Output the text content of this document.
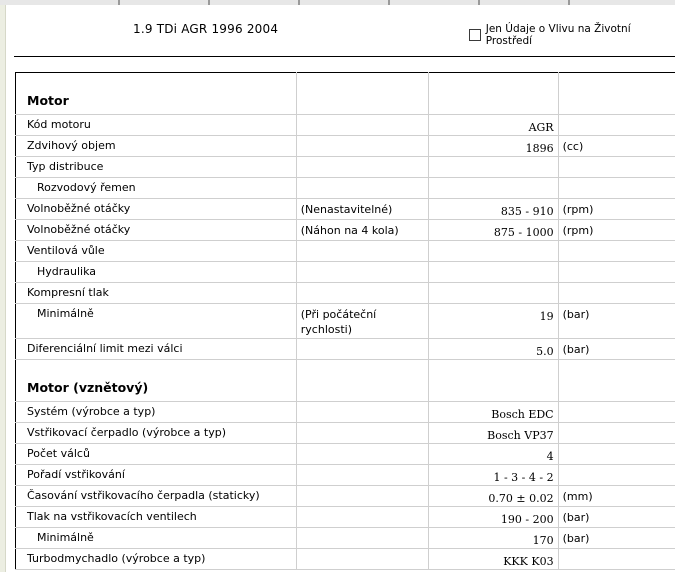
1.9 TDi AGR 1996 2004	Jen Údaje o Vlivu na Životní Prostředí
Motor			
Kód motoru		AGR	
Zdvihový objem		1896	(cc)
Typ distribuce			
Rozvodový řemen			
Volnoběžné otáčky	(Nenastavitelné)	835 - 910	(rpm)
Volnoběžné otáčky	(Náhon na 4 kola)	875 - 1000	(rpm)
Ventilová vůle			
Hydraulika			
Kompresní tlak			
Minimálně	(Při počáteční rychlosti)	19	(bar)
Diferenciální limit mezi válci		5.0	(bar)
Motor (vznětový)			
Systém (výrobce a typ)		Bosch EDC	
Vstřikovací čerpadlo (výrobce a typ)		Bosch VP37	
Počet válců		4	
Pořadí vstřikování		1 - 3 - 4 - 2	
Časování vstřikovacího čerpadla (staticky)		0.70 ± 0.02	(mm)
Tlak na vstřikovacích ventilech		190 - 200	(bar)
Minimálně		170	(bar)
Turbodmychadlo (výrobce a typ)		KKK K03	
